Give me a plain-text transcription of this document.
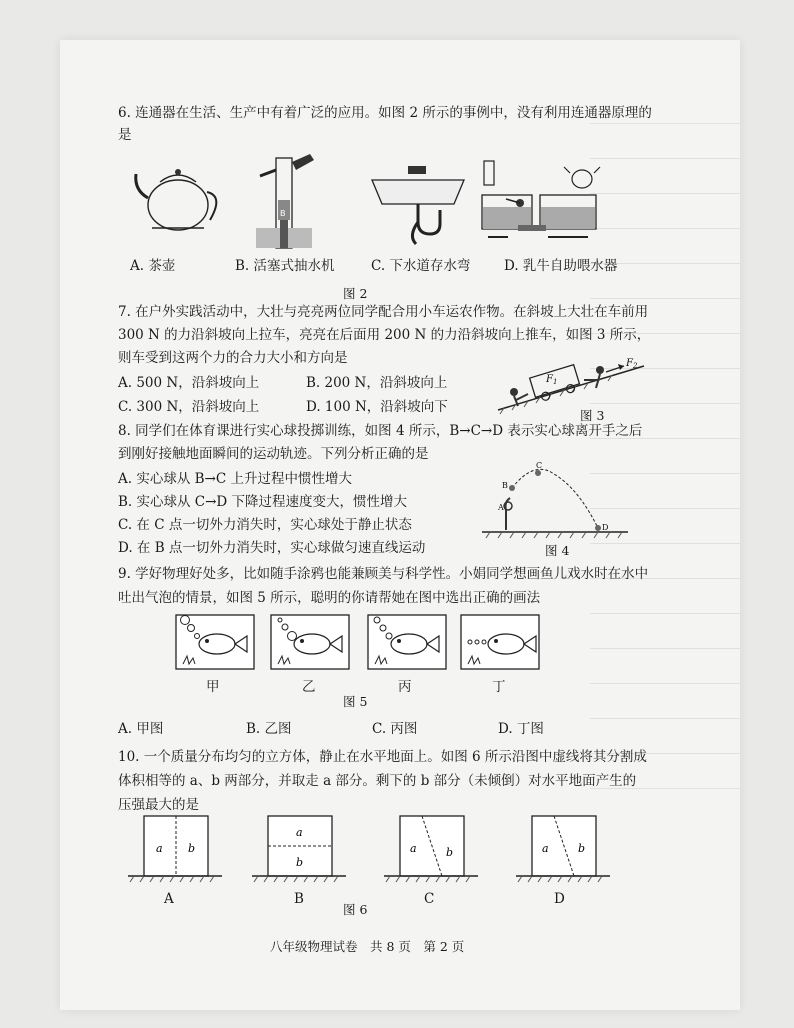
6. 连通器在生活、生产中有着广泛的应用。如图 2 所示的事例中，没有利用连通器原理的
是
A. 茶壶
B
B. 活塞式抽水机	C. 下水道存水弯 D. 乳牛自助喂水器
图 2
7. 在户外实践活动中，大壮与亮亮两位同学配合用小车运农作物。在斜坡上大壮在车前用
300 N 的力沿斜坡向上拉车，亮亮在后面用 200 N 的力沿斜坡向上推车，如图 3 所示，
则车受到这两个力的合力大小和方向是
A. 500 N，沿斜坡向上	B. 200 N，沿斜坡向上
C. 300 N，沿斜坡向上	D. 100 N，沿斜坡向下
$F_1$
$F_2$
图 3
8. 同学们在体育课进行实心球投掷训练，如图 4 所示，B→C→D 表示实心球离开手之后
到刚好接触地面瞬间的运动轨迹。下列分析正确的是
A. 实心球从 B→C 上升过程中惯性增大
B. 实心球从 C→D 下降过程速度变大，惯性增大
C. 在 C 点一切外力消失时，实心球处于静止状态
D. 在 B 点一切外力消失时，实心球做匀速直线运动
A
B
C
D
图 4
9. 学好物理好处多，比如随手涂鸦也能兼顾美与科学性。小娟同学想画鱼儿戏水时在水中
吐出气泡的情景，如图 5 所示，聪明的你请帮她在图中选出正确的画法
甲	乙	丙	丁
图 5
A. 甲图	B. 乙图	C. 丙图	D. 丁图
10. 一个质量分布均匀的立方体，静止在水平地面上。如图 6 所示沿图中虚线将其分割成
体积相等的 a、b 两部分，并取走 a 部分。剩下的 b 部分（未倾倒）对水平地面产生的
压强最大的是
a b
a
b
a	b	a	b
A	B	C	D
图 6
八年级物理试卷　共 8 页　第 2 页
